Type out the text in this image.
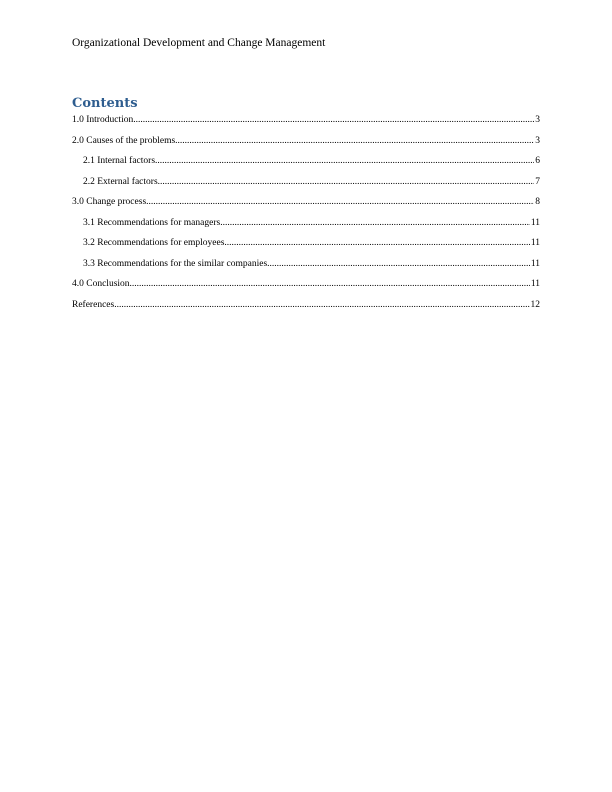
Organizational Development and Change Management
Contents
1.0 Introduction .....	3
2.0 Causes of the problems .....	3
2.1 Internal factors .....	6
2.2 External factors .....	7
3.0 Change process .....	8
3.1 Recommendations for managers .....	11
3.2 Recommendations for employees .....	11
3.3 Recommendations for the similar companies .....	11
4.0 Conclusion .....	11
References .....	12
